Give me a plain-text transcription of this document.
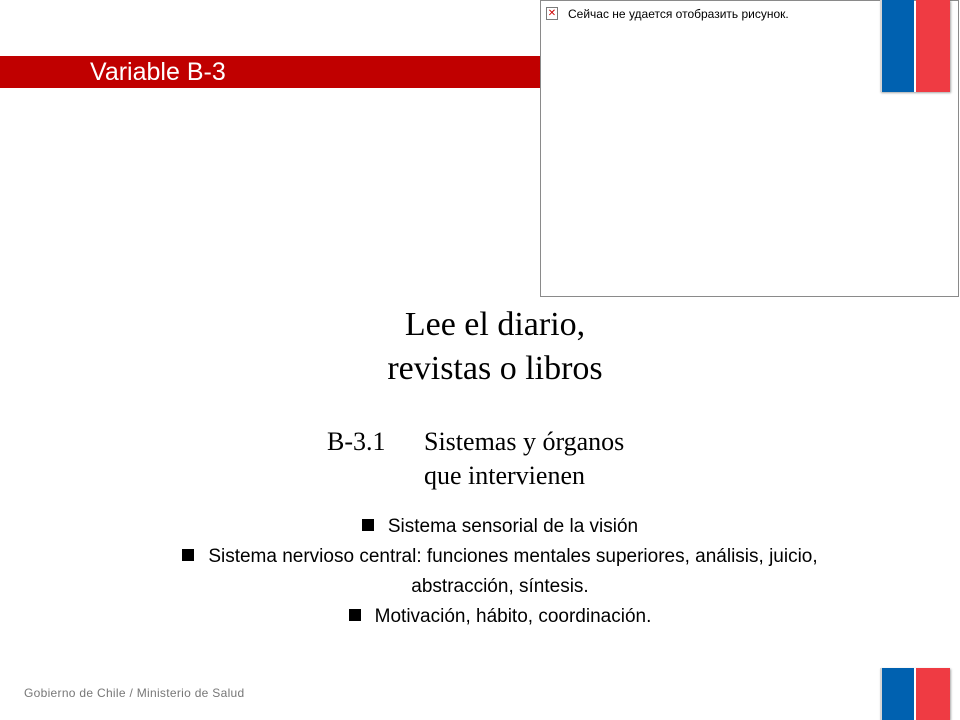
Variable B-3
✕ Сейчас не удается отобразить рисунок.
Lee el diario,
revistas o libros
B-3.1 Sistemas y órganos
que intervienen
Sistema sensorial de la visión
Sistema nervioso central: funciones mentales superiores, análisis, juicio,
abstracción, síntesis.
Motivación, hábito, coordinación.
Gobierno de Chile / Ministerio de Salud
